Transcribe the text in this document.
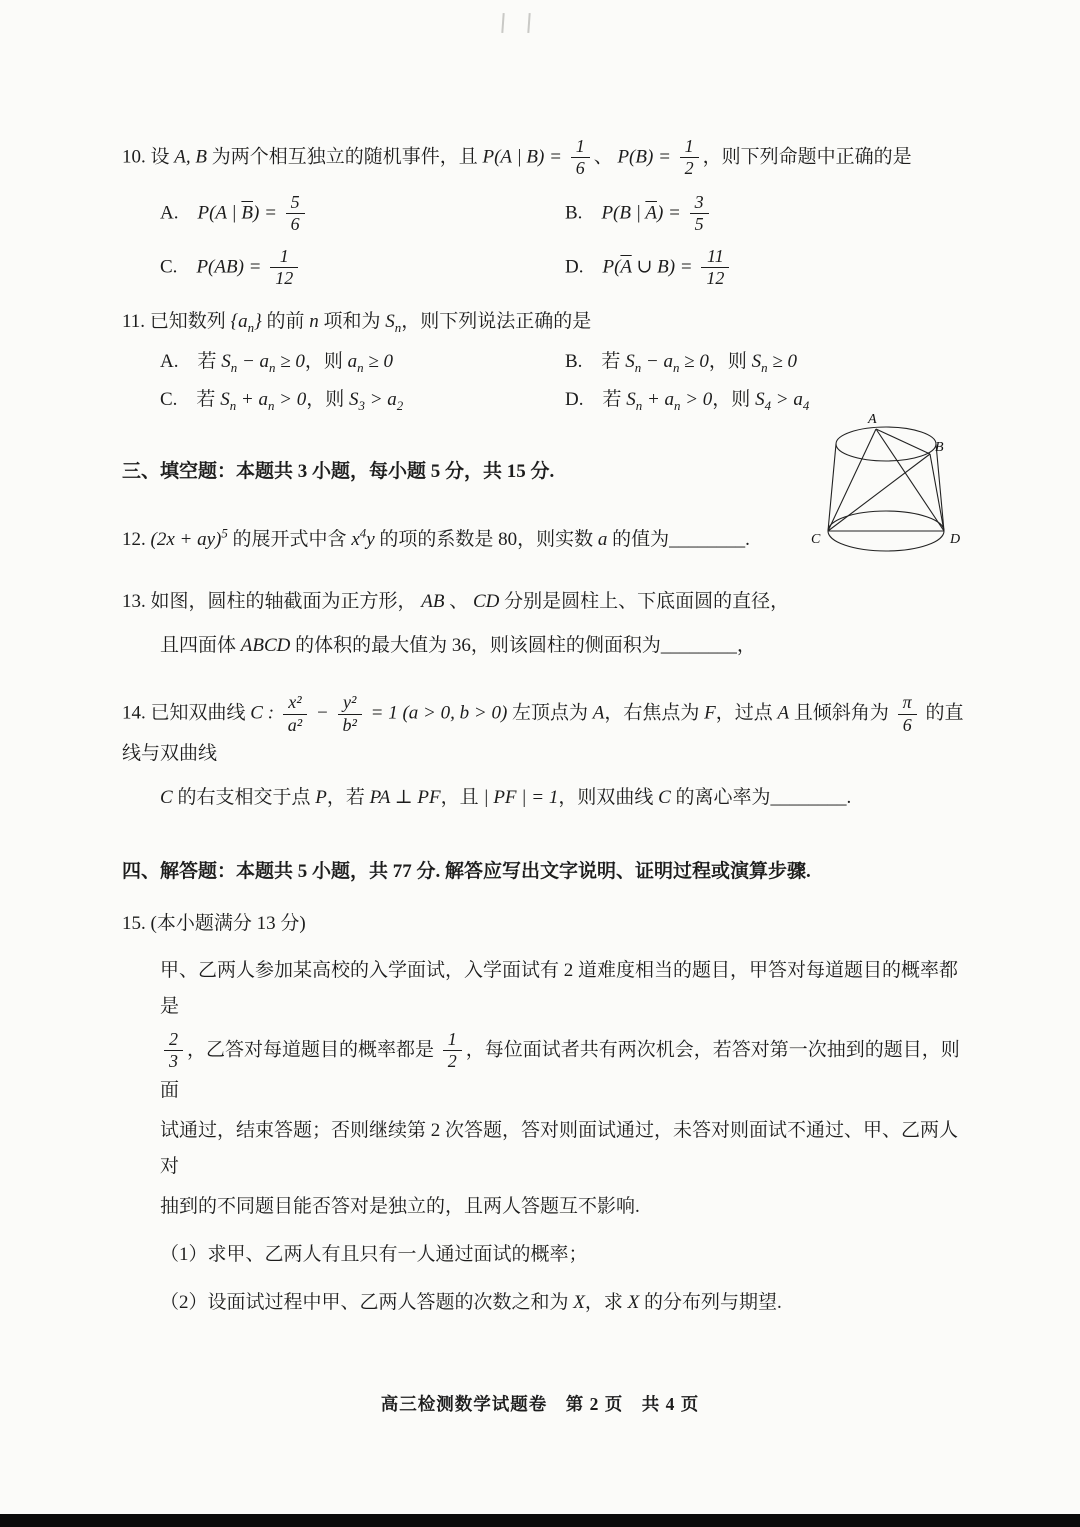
10. 设 A, B 为两个相互独立的随机事件，且 P(A | $B) = \frac{1}{6}$ 、 $P(B) = \frac{1}{2}$ ，则下列命题中正确的是
A.　P(A | $\overline{B}) = \frac{5}{6}$	B.　P(B | $\overline{A}) = \frac{3}{5}$
C.　$P(AB) = \frac{1}{12}$	D.　$P(\overline{A}$ ∪ $B) = \frac{11}{12}$
11. 已知数列 $\{a_n\}$ 的前 n 项和为 $S_n$，则下列说法正确的是
A.　若 $S_n - a_n \ge 0$，则 $a_n \ge 0$	B.　若 $S_n - a_n \ge 0$，则 $S_n \ge 0$
C.　若 $S_n + a_n > 0$，则 $S_3 > a_2$	D.　若 $S_n + a_n > 0$，则 $S_4 > a_4$
三、填空题：本题共 3 小题，每小题 5 分，共 15 分.
12. (2x + ay)$^5$ 的展开式中含 $x^4y$ 的项的系数是 80，则实数 a 的值为________.
13. 如图，圆柱的轴截面为正方形， AB 、 CD 分别是圆柱上、下底面圆的直径，
且四面体 ABCD 的体积的最大值为 36，则该圆柱的侧面积为________，
14. 已知双曲线 C : $\frac{\text{x²}}{\text{a²}} - \frac{\text{y²}}{\text{b²}} = 1$ (a > 0, b > 0) 左顶点为 A，右焦点为 F，过点 A 且倾斜角为 $\frac{\pi}{6}$ 的直线与双曲线
C 的右支相交于点 P，若 PA ⊥ PF，且 | PF | = 1，则双曲线 C 的离心率为________.
四、解答题：本题共 5 小题，共 77 分. 解答应写出文字说明、证明过程或演算步骤.
15. (本小题满分 13 分)
甲、乙两人参加某高校的入学面试，入学面试有 2 道难度相当的题目，甲答对每道题目的概率都是
$\frac{2}{3}$ ，乙答对每道题目的概率都是 $\frac{1}{2}$ ，每位面试者共有两次机会，若答对第一次抽到的题目，则面
试通过，结束答题；否则继续第 2 次答题，答对则面试通过，未答对则面试不通过、甲、乙两人对
抽到的不同题目能否答对是独立的，且两人答题互不影响.
（1）求甲、乙两人有且只有一人通过面试的概率；
（2）设面试过程中甲、乙两人答题的次数之和为 X，求 X 的分布列与期望.
A
B
C	D
高三检测数学试题卷　第 2 页　共 4 页
